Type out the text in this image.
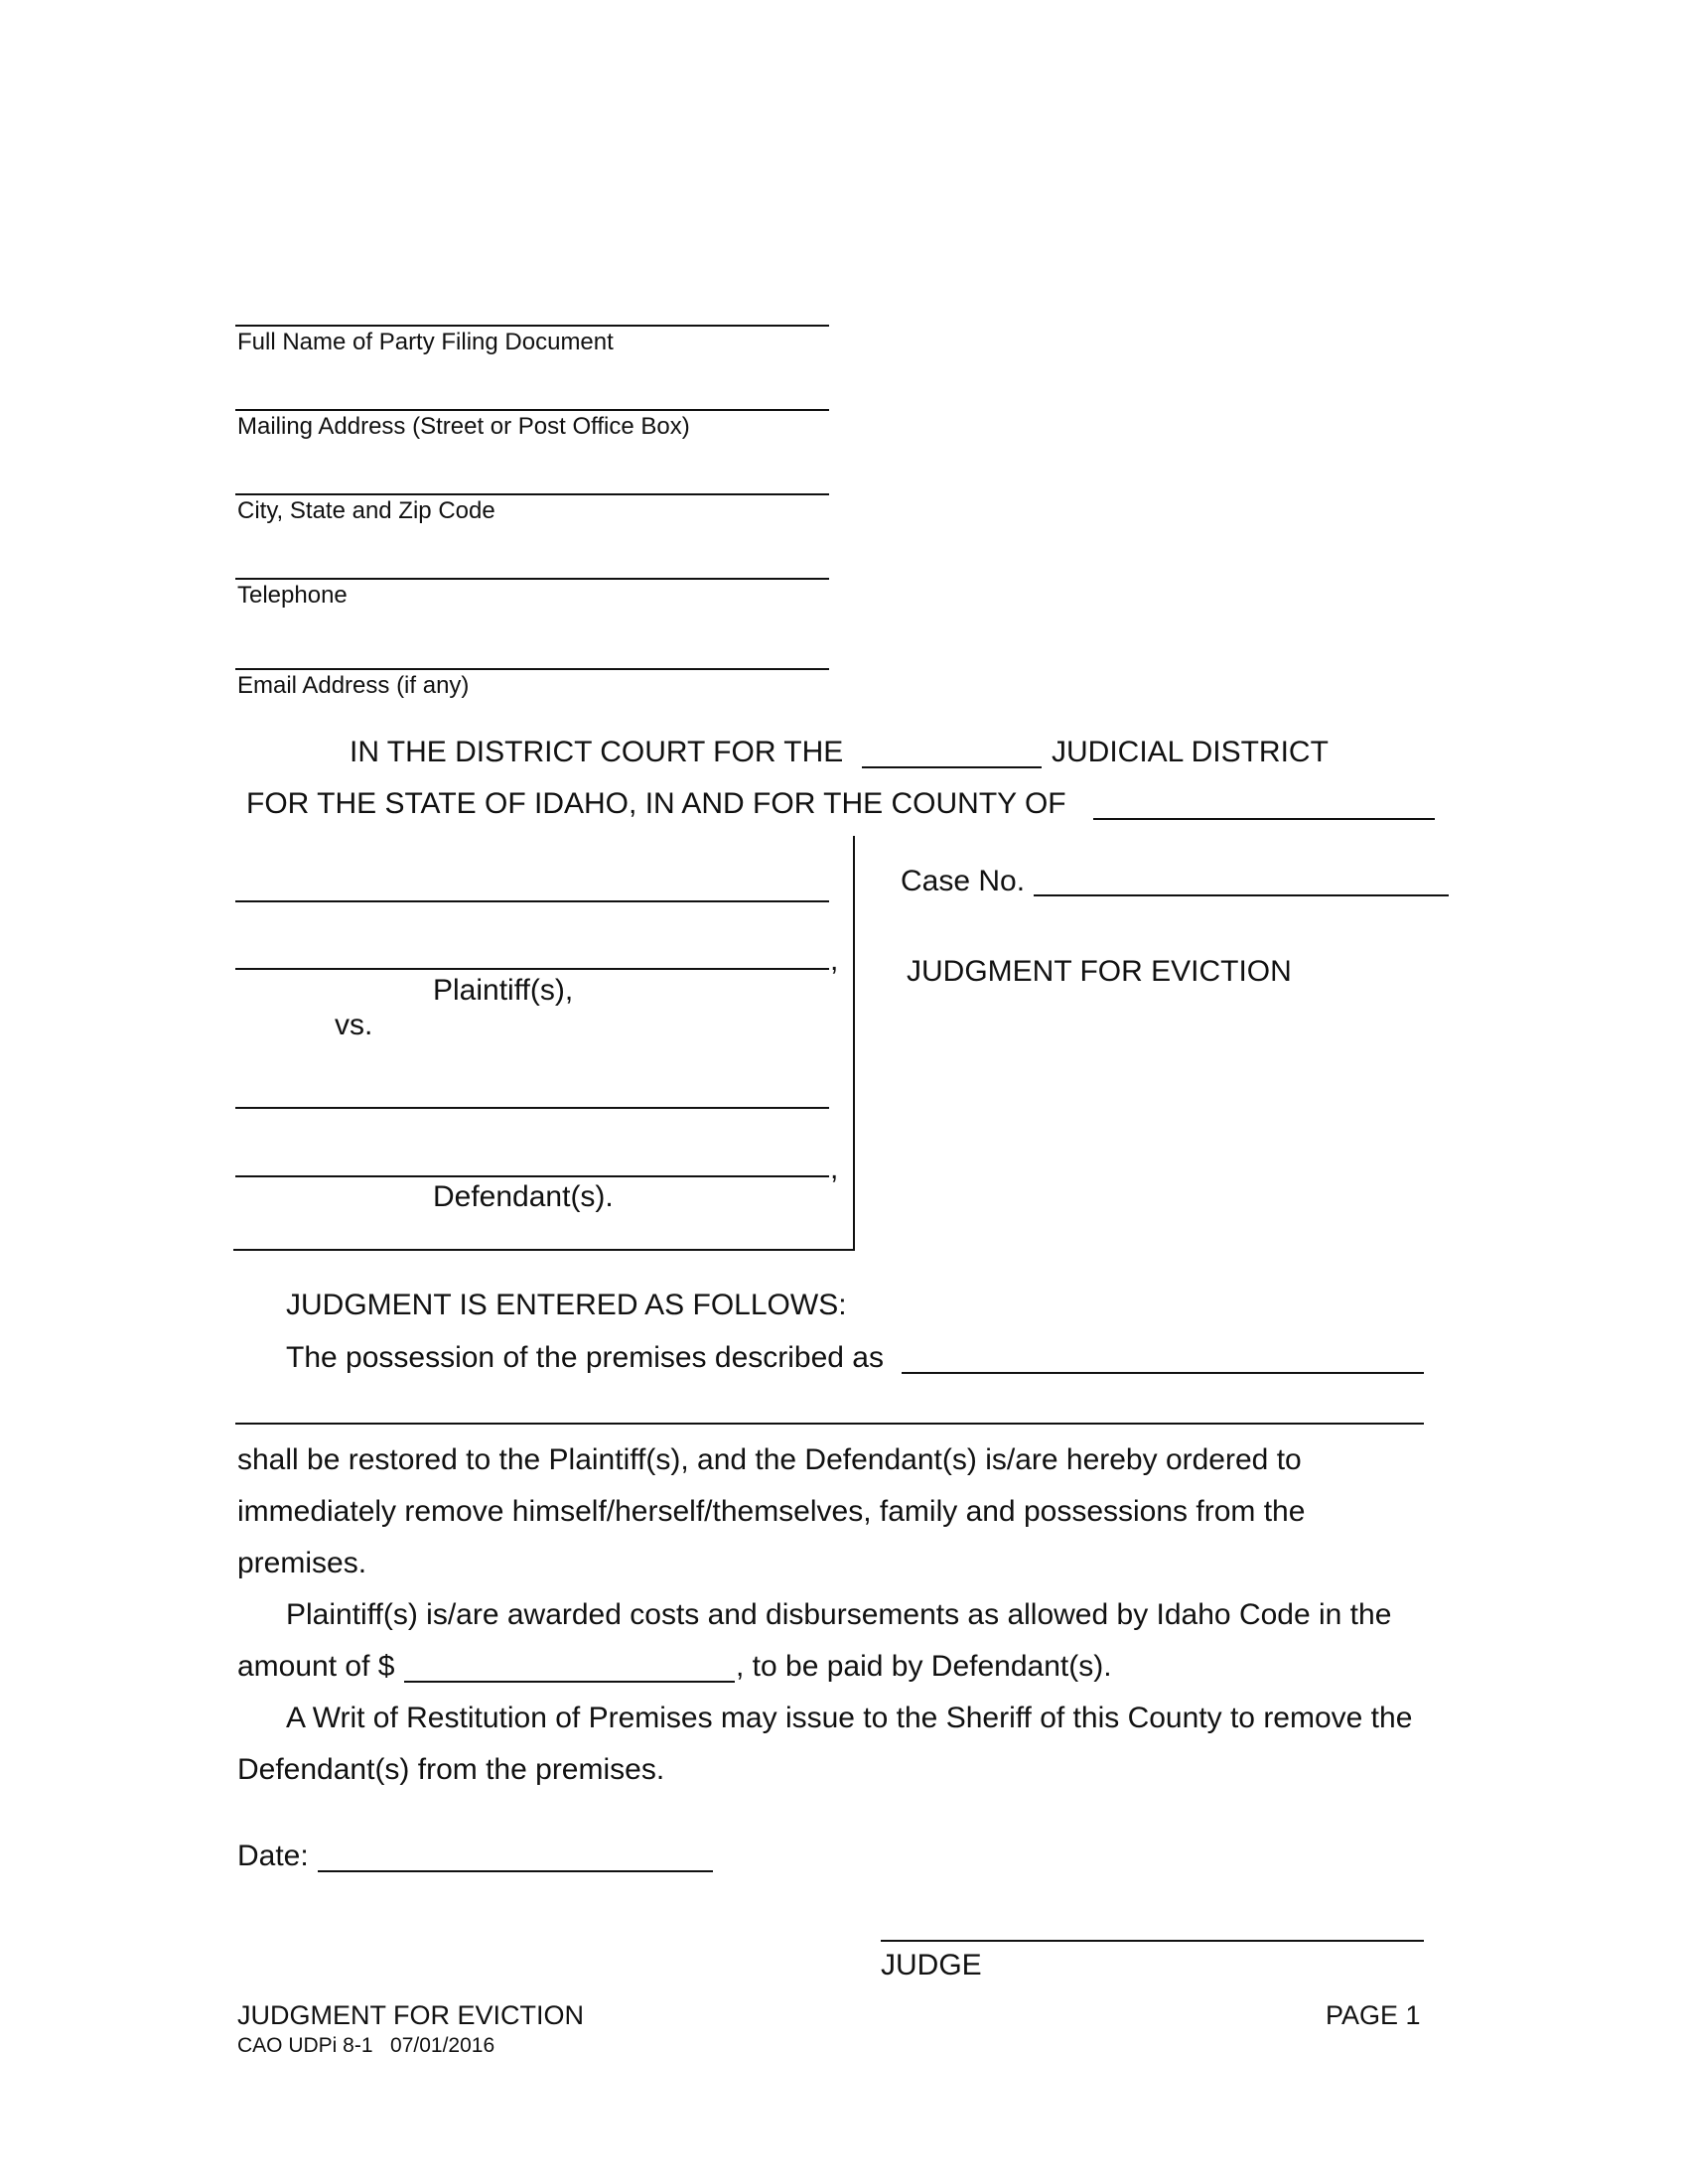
Full Name of Party Filing Document
Mailing Address (Street or Post Office Box)
City, State and Zip Code
Telephone
Email Address (if any)
IN THE DISTRICT COURT FOR THE	JUDICIAL DISTRICT
FOR THE STATE OF IDAHO, IN AND FOR THE COUNTY OF
,
Plaintiff(s),
vs.
,
Defendant(s).
Case No.
JUDGMENT FOR EVICTION
JUDGMENT IS ENTERED AS FOLLOWS:
The possession of the premises described as
shall be restored to the Plaintiff(s), and the Defendant(s) is/are hereby ordered to
immediately remove himself/herself/themselves, family and possessions from the
premises.
Plaintiff(s) is/are awarded costs and disbursements as allowed by Idaho Code in the
amount of $	, to be paid by Defendant(s).
A Writ of Restitution of Premises may issue to the Sheriff of this County to remove the
Defendant(s) from the premises.
Date:
JUDGE
JUDGMENT FOR EVICTION
CAO UDPi 8-1   07/01/2016
PAGE 1
